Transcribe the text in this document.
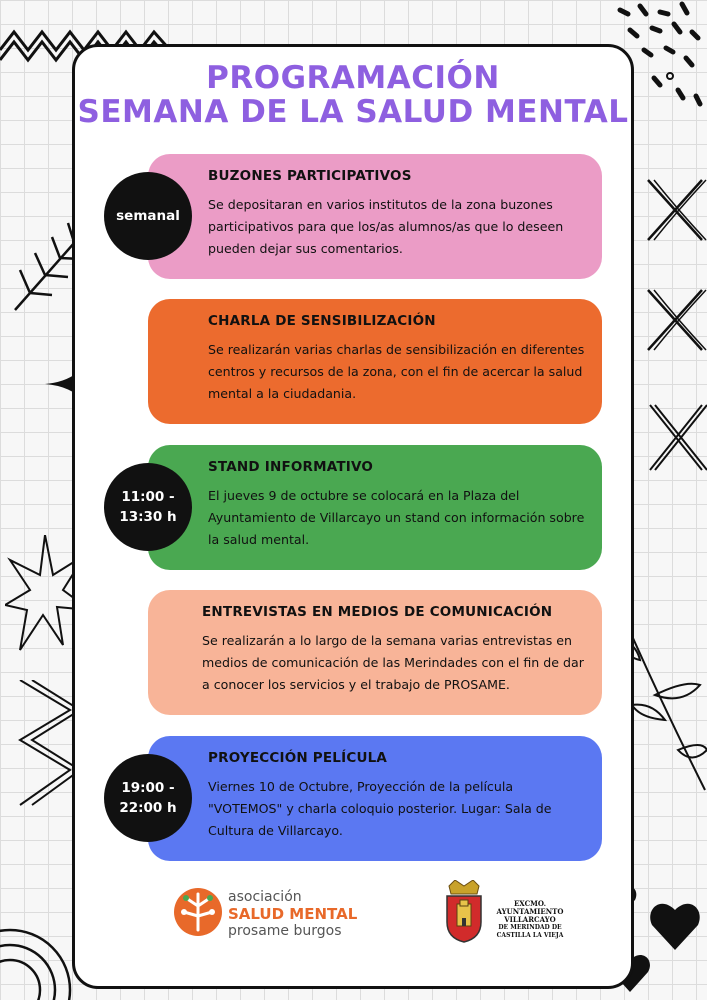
PROGRAMACIÓN
SEMANA DE LA SALUD MENTAL
BUZONES PARTICIPATIVOS

Se depositaran en varios institutos de la zona buzones participativos para que los/as alumnos/as que lo deseen pueden dejar sus comentarios.

semanal
CHARLA DE SENSIBILIZACIÓN

Se realizarán varias charlas de sensibilización en diferentes centros y recursos de la zona, con el fin de acercar la salud mental a la ciudadania.

STAND INFORMATIVO

El jueves 9 de octubre se colocará en la Plaza del Ayuntamiento de Villarcayo un stand con información sobre la salud mental.

11:00 -
13:30 h
ENTREVISTAS EN MEDIOS DE COMUNICACIÓN

Se realizarán a lo largo de la semana varias entrevistas en medios de comunicación de las Merindades con el fin de dar a conocer los servicios y el trabajo de PROSAME.

PROYECCIÓN PELÍCULA

Viernes 10 de Octubre, Proyección de la película "VOTEMOS" y charla coloquio posterior. Lugar: Sala de Cultura de Villarcayo.

19:00 -
22:00 h
asociación
SALUD MENTAL
prosame burgos
EXCMO.
AYUNTAMIENTO
VILLARCAYO
DE MERINDAD DE
CASTILLA LA VIEJA
